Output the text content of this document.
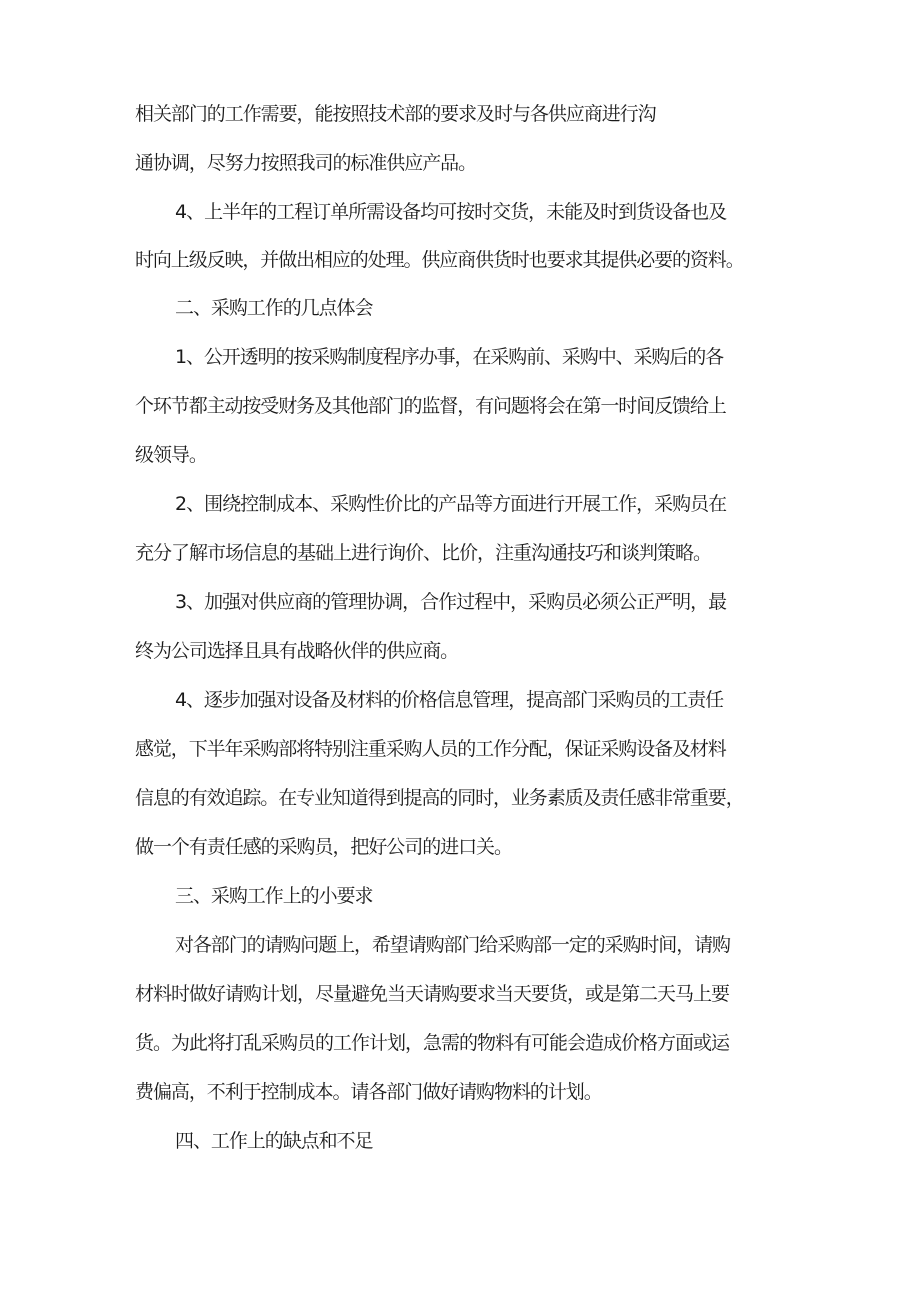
相关部门的工作需要，能按照技术部的要求及时与各供应商进行沟
通协调，尽努力按照我司的标准供应产品。
4、上半年的工程订单所需设备均可按时交货，未能及时到货设备也及
时向上级反映，并做出相应的处理。供应商供货时也要求其提供必要的资料。
二、采购工作的几点体会
1、公开透明的按采购制度程序办事，在采购前、采购中、采购后的各
个环节都主动按受财务及其他部门的监督，有问题将会在第一时间反馈给上
级领导。
2、围绕控制成本、采购性价比的产品等方面进行开展工作，采购员在
充分了解市场信息的基础上进行询价、比价，注重沟通技巧和谈判策略。
3、加强对供应商的管理协调，合作过程中，采购员必须公正严明，最
终为公司选择且具有战略伙伴的供应商。
4、逐步加强对设备及材料的价格信息管理，提高部门采购员的工责任
感觉，下半年采购部将特别注重采购人员的工作分配，保证采购设备及材料
信息的有效追踪。在专业知道得到提高的同时，业务素质及责任感非常重要，
做一个有责任感的采购员，把好公司的进口关。
三、采购工作上的小要求
对各部门的请购问题上，希望请购部门给采购部一定的采购时间，请购
材料时做好请购计划，尽量避免当天请购要求当天要货，或是第二天马上要
货。为此将打乱采购员的工作计划，急需的物料有可能会造成价格方面或运
费偏高，不利于控制成本。请各部门做好请购物料的计划。
四、工作上的缺点和不足
